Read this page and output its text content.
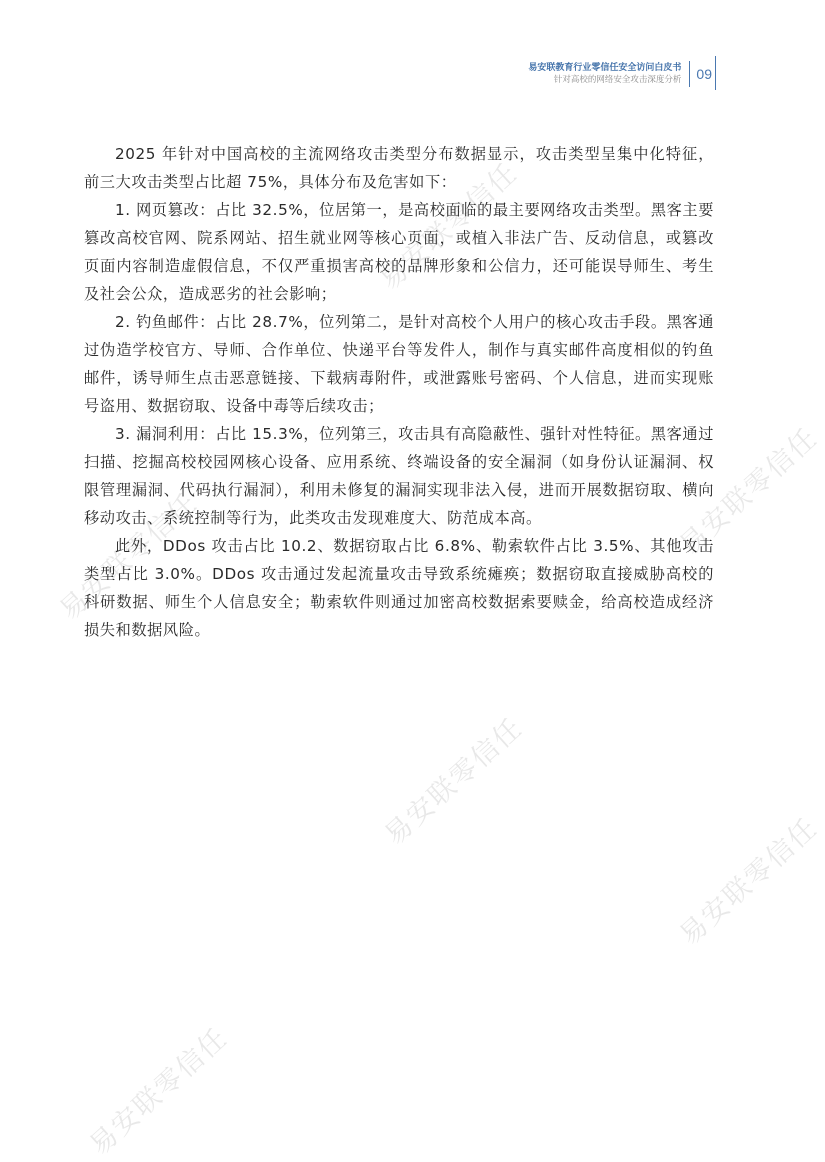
易安联零信任
易安联零信任	易安联零信任
易安联零信任
易安联零信任
易安联零信任
易安联教育行业零信任安全访问白皮书
针对高校的网络安全攻击深度分析	09

2025 年针对中国高校的主流网络攻击类型分布数据显示，攻击类型呈集中化特征，前三大攻击类型占比超 75%，具体分布及危害如下：

1. 网页篡改：占比 32.5%，位居第一，是高校面临的最主要网络攻击类型。黑客主要篡改高校官网、院系网站、招生就业网等核心页面，或植入非法广告、反动信息，或篡改页面内容制造虚假信息，不仅严重损害高校的品牌形象和公信力，还可能误导师生、考生及社会公众，造成恶劣的社会影响；

2. 钓鱼邮件：占比 28.7%，位列第二，是针对高校个人用户的核心攻击手段。黑客通过伪造学校官方、导师、合作单位、快递平台等发件人，制作与真实邮件高度相似的钓鱼邮件，诱导师生点击恶意链接、下载病毒附件，或泄露账号密码、个人信息，进而实现账号盗用、数据窃取、设备中毒等后续攻击；

3. 漏洞利用：占比 15.3%，位列第三，攻击具有高隐蔽性、强针对性特征。黑客通过扫描、挖掘高校校园网核心设备、应用系统、终端设备的安全漏洞（如身份认证漏洞、权限管理漏洞、代码执行漏洞），利用未修复的漏洞实现非法入侵，进而开展数据窃取、横向移动攻击、系统控制等行为，此类攻击发现难度大、防范成本高。

此外，DDos 攻击占比 10.2、数据窃取占比 6.8%、勒索软件占比 3.5%、其他攻击类型占比 3.0%。DDos 攻击通过发起流量攻击导致系统瘫痪；数据窃取直接威胁高校的科研数据、师生个人信息安全；勒索软件则通过加密高校数据索要赎金，给高校造成经济损失和数据风险。
